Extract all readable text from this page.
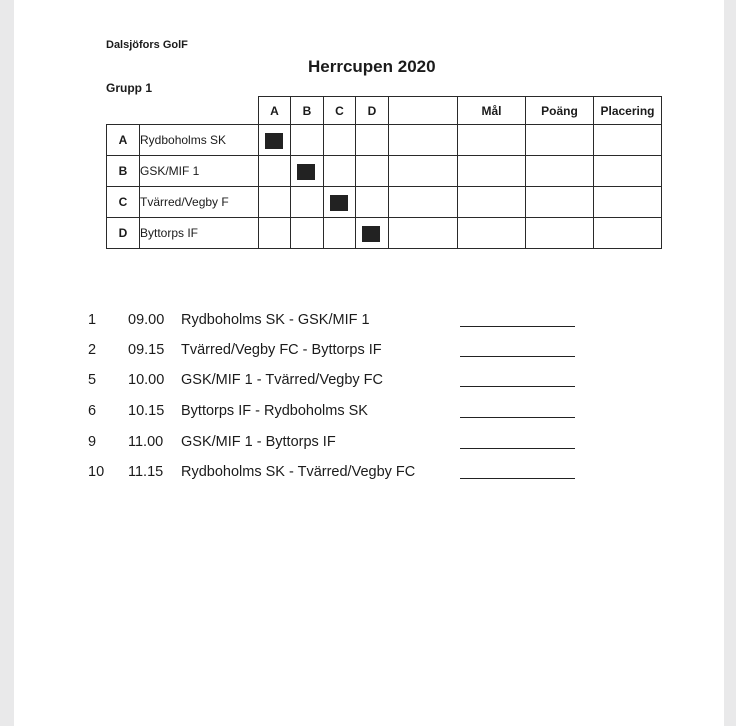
Dalsjöfors GolF
Herrcupen 2020
Grupp 1
		A	B	C	D		Mål	Poäng	Placering
A	Rydboholms SK	

B	GSK/MIF 1		

C	Tvärred/Vegby F			

D	Byttorps IF				

1	09.00 Rydboholms SK - GSK/MIF 1
2	09.15 Tvärred/Vegby FC - Byttorps IF
5	10.00 GSK/MIF 1 - Tvärred/Vegby FC
6	10.15 Byttorps IF - Rydboholms SK
9	11.00 GSK/MIF 1 - Byttorps IF
10	11.15 Rydboholms SK - Tvärred/Vegby FC
